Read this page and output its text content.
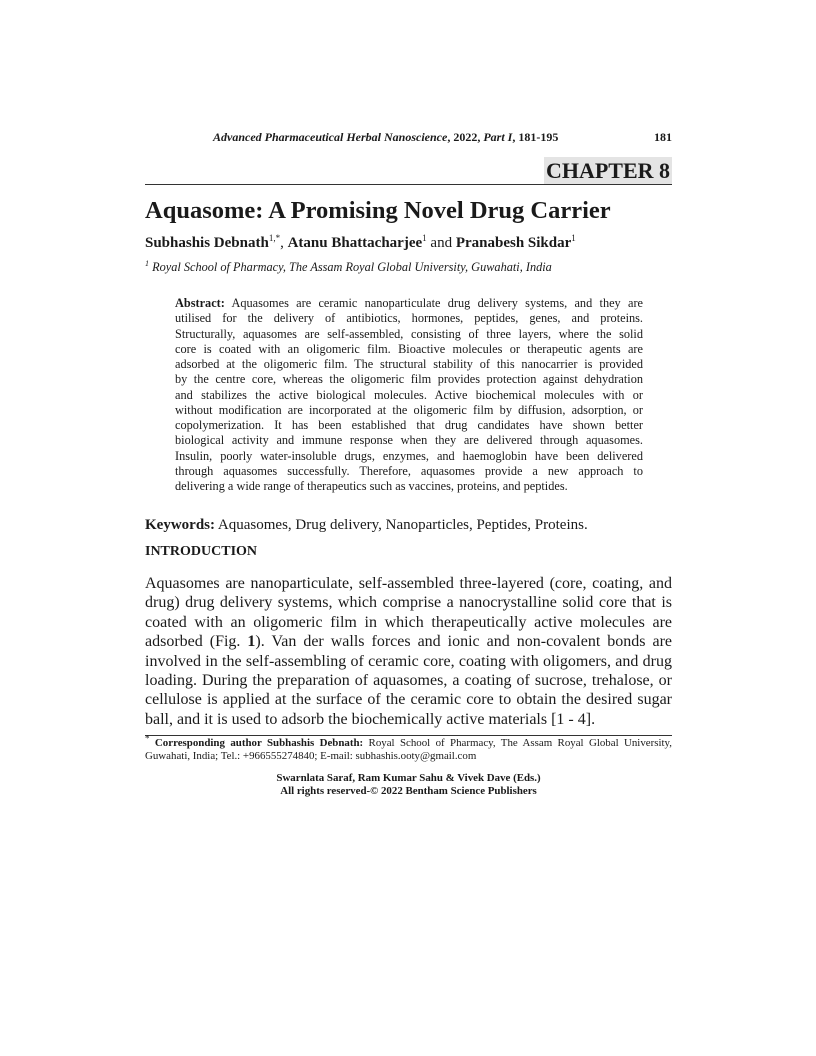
Advanced Pharmaceutical Herbal Nanoscience, 2022, Part I, 181-195	181
CHAPTER 8
Aquasome: A Promising Novel Drug Carrier
Subhashis Debnath$^{1,*}$, Atanu Bhattacharjee$^1$ and Pranabesh Sikdar$^1$
$^1$ Royal School of Pharmacy, The Assam Royal Global University, Guwahati, India
Abstract: Aquasomes are ceramic nanoparticulate drug delivery systems, and they are
utilised for the delivery of antibiotics, hormones, peptides, genes, and proteins.
Structurally, aquasomes are self-assembled, consisting of three layers, where the solid
core is coated with an oligomeric film. Bioactive molecules or therapeutic agents are
adsorbed at the oligomeric film. The structural stability of this nanocarrier is provided
by the centre core, whereas the oligomeric film provides protection against dehydration
and stabilizes the active biological molecules. Active biochemical molecules with or
without modification are incorporated at the oligomeric film by diffusion, adsorption, or
copolymerization. It has been established that drug candidates have shown better
biological activity and immune response when they are delivered through aquasomes.
Insulin, poorly water-insoluble drugs, enzymes, and haemoglobin have been delivered
through aquasomes successfully. Therefore, aquasomes provide a new approach to
delivering a wide range of therapeutics such as vaccines, proteins, and peptides.
Keywords: Aquasomes, Drug delivery, Nanoparticles, Peptides, Proteins.
INTRODUCTION
Aquasomes are nanoparticulate, self-assembled three-layered (core, coating, and
drug) drug delivery systems, which comprise a nanocrystalline solid core that is
coated with an oligomeric film in which therapeutically active molecules are
adsorbed (Fig. 1). Van der walls forces and ionic and non-covalent bonds are
involved in the self-assembling of ceramic core, coating with oligomers, and drug
loading. During the preparation of aquasomes, a coating of sucrose, trehalose, or
cellulose is applied at the surface of the ceramic core to obtain the desired sugar
ball, and it is used to adsorb the biochemically active materials [1 - 4].
* Corresponding author Subhashis Debnath: Royal School of Pharmacy, The Assam Royal Global University,
Guwahati, India; Tel.: +966555274840; E-mail: subhashis.ooty@gmail.com
Swarnlata Saraf, Ram Kumar Sahu & Vivek Dave (Eds.)
All rights reserved-© 2022 Bentham Science Publishers
